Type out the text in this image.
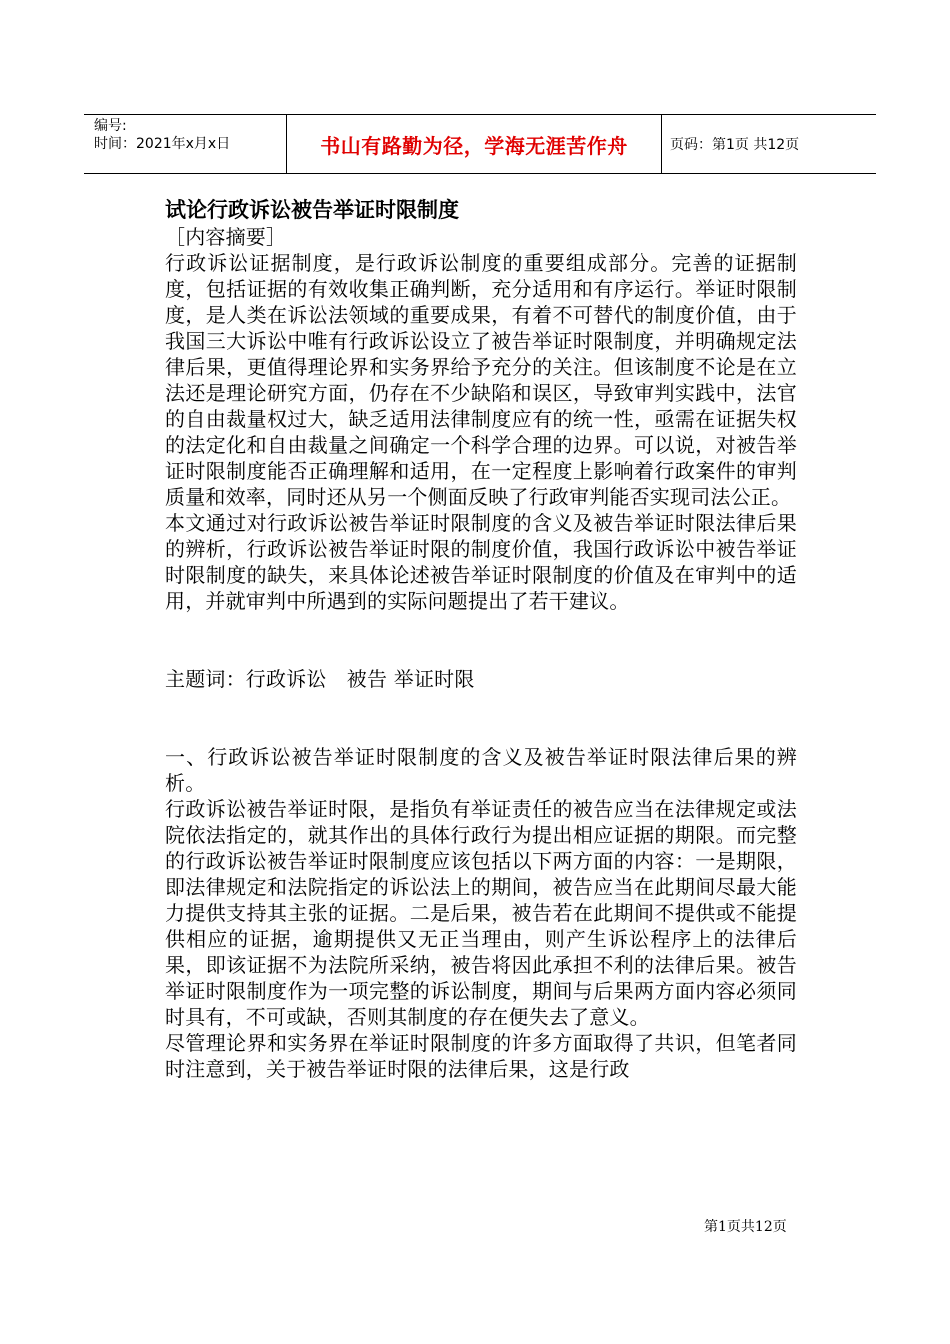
编号:
时间：2021年x月x日	书山有路勤为径，学海无涯苦作舟	页码：第1页 共12页
试论行政诉讼被告举证时限制度

［内容摘要］

行政诉讼证据制度，是行政诉讼制度的重要组成部分。完善的证据制度，包括证据的有效收集正确判断，充分适用和有序运行。举证时限制度，是人类在诉讼法领域的重要成果，有着不可替代的制度价值，由于我国三大诉讼中唯有行政诉讼设立了被告举证时限制度，并明确规定法律后果，更值得理论界和实务界给予充分的关注。但该制度不论是在立法还是理论研究方面，仍存在不少缺陷和误区，导致审判实践中，法官的自由裁量权过大，缺乏适用法律制度应有的统一性，亟需在证据失权的法定化和自由裁量之间确定一个科学合理的边界。可以说，对被告举证时限制度能否正确理解和适用，在一定程度上影响着行政案件的审判质量和效率，同时还从另一个侧面反映了行政审判能否实现司法公正。

本文通过对行政诉讼被告举证时限制度的含义及被告举证时限法律后果的辨析，行政诉讼被告举证时限的制度价值，我国行政诉讼中被告举证时限制度的缺失，来具体论述被告举证时限制度的价值及在审判中的适用，并就审判中所遇到的实际问题提出了若干建议。

主题词：行政诉讼　被告 举证时限

一、行政诉讼被告举证时限制度的含义及被告举证时限法律后果的辨析。

行政诉讼被告举证时限，是指负有举证责任的被告应当在法律规定或法院依法指定的，就其作出的具体行政行为提出相应证据的期限。而完整的行政诉讼被告举证时限制度应该包括以下两方面的内容：一是期限，即法律规定和法院指定的诉讼法上的期间，被告应当在此期间尽最大能力提供支持其主张的证据。二是后果，被告若在此期间不提供或不能提供相应的证据，逾期提供又无正当理由，则产生诉讼程序上的法律后果，即该证据不为法院所采纳，被告将因此承担不利的法律后果。被告举证时限制度作为一项完整的诉讼制度，期间与后果两方面内容必须同时具有，不可或缺，否则其制度的存在便失去了意义。

尽管理论界和实务界在举证时限制度的许多方面取得了共识，但笔者同时注意到，关于被告举证时限的法律后果，这是行政

第1页共12页
